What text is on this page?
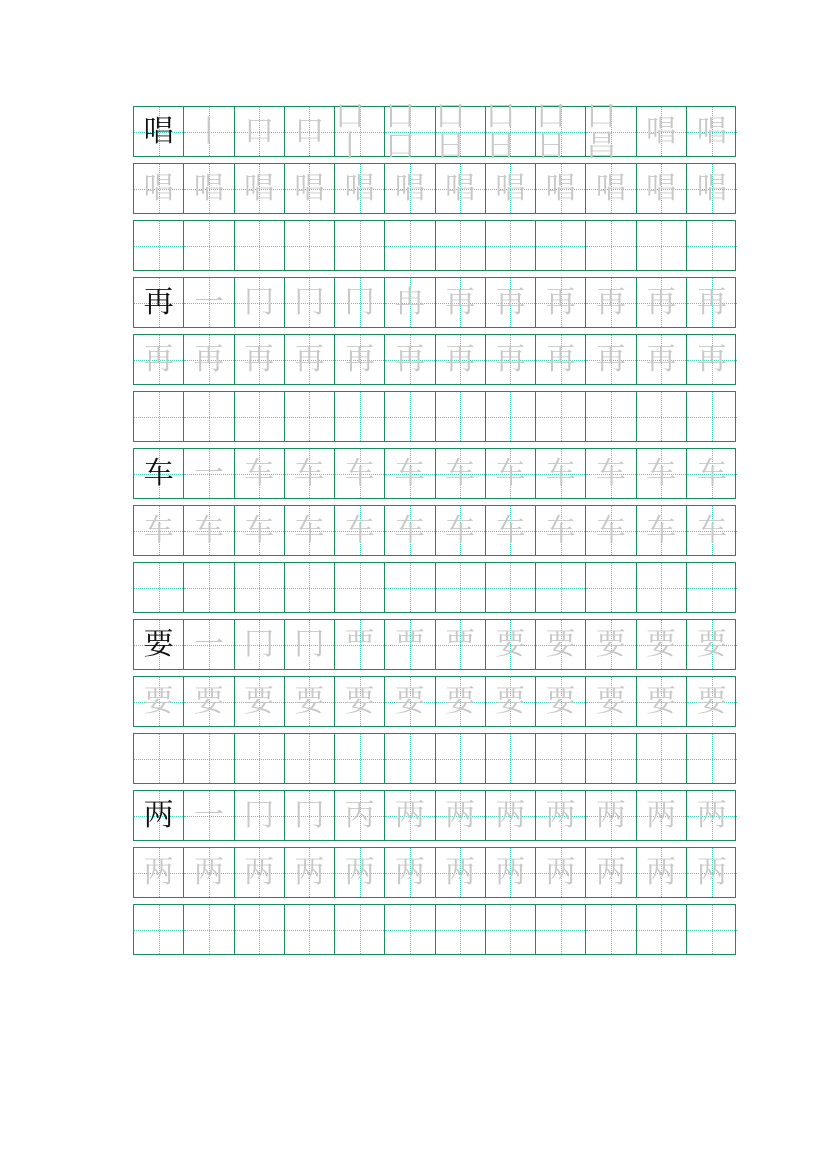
唱 丨 口 口 口丨
口口
口日
口日
口日
口昌 唱 唱
唱 唱 唱 唱 唱 唱 唱 唱 唱 唱 唱 唱
再 一 冂 冂 冂 冉 再 再 再 再 再 再
再 再 再 再 再 再 再 再 再 再 再 再
车 一 车 车 车 车 车 车 车 车 车 车
车 车 车 车 车 车 车 车 车 车 车 车
要 一 冂 冂 覀 覀 覀 要 要 要 要 要
要 要 要 要 要 要 要 要 要 要 要 要
两 一 冂 冂 丙 两 两 两 两 两 两 两
两 两 两 两 两 两 两 两 两 两 两 两
